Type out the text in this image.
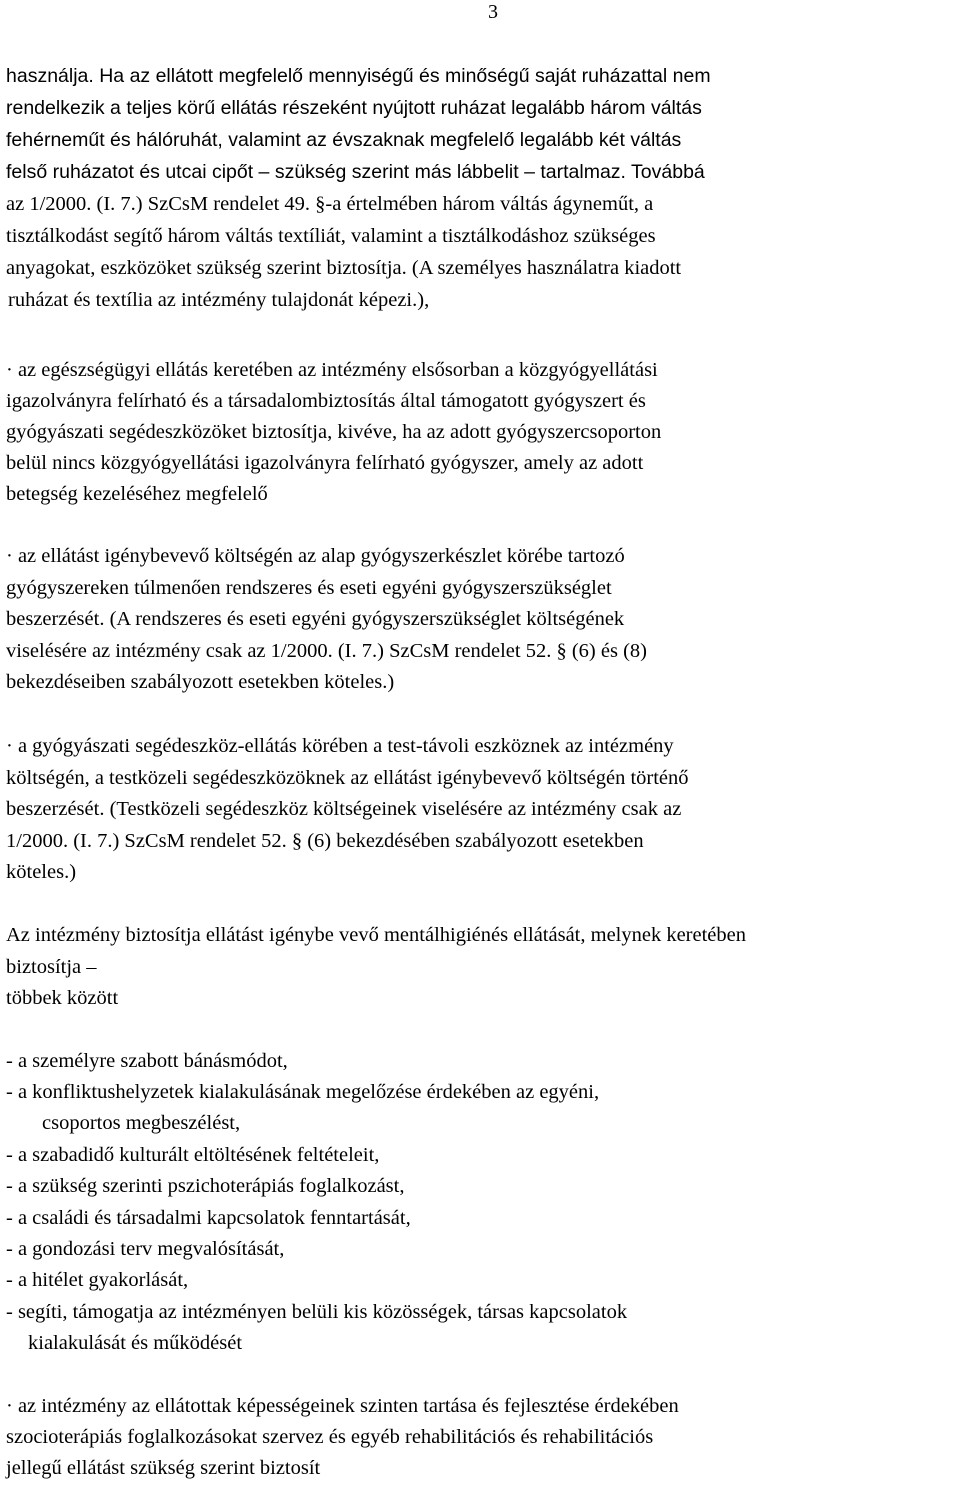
3
használja. Ha az ellátott megfelelő mennyiségű és minőségű saját ruházattal nem
rendelkezik a teljes körű ellátás részeként nyújtott ruházat legalább három váltás
fehérneműt és hálóruhát, valamint az évszaknak megfelelő legalább két váltás
felső ruházatot és utcai cipőt – szükség szerint más lábbelit – tartalmaz. Továbbá
az 1/2000. (I. 7.) SzCsM rendelet 49. §-a értelmében három váltás ágyneműt, a
tisztálkodást segítő három váltás textíliát, valamint a tisztálkodáshoz szükséges
anyagokat, eszközöket szükség szerint biztosítja. (A személyes használatra kiadott
ruházat és textília az intézmény tulajdonát képezi.),
· az egészségügyi ellátás keretében az intézmény elsősorban a közgyógyellátási
igazolványra felírható és a társadalombiztosítás által támogatott gyógyszert és
gyógyászati segédeszközöket biztosítja, kivéve, ha az adott gyógyszercsoporton
belül nincs közgyógyellátási igazolványra felírható gyógyszer, amely az adott
betegség kezeléséhez megfelelő
· az ellátást igénybevevő költségén az alap gyógyszerkészlet körébe tartozó
gyógyszereken túlmenően rendszeres és eseti egyéni gyógyszerszükséglet
beszerzését. (A rendszeres és eseti egyéni gyógyszerszükséglet költségének
viselésére az intézmény csak az 1/2000. (I. 7.) SzCsM rendelet 52. § (6) és (8)
bekezdéseiben szabályozott esetekben köteles.)
· a gyógyászati segédeszköz-ellátás körében a test-távoli eszköznek az intézmény
költségén, a testközeli segédeszközöknek az ellátást igénybevevő költségén történő
beszerzését. (Testközeli segédeszköz költségeinek viselésére az intézmény csak az
1/2000. (I. 7.) SzCsM rendelet 52. § (6) bekezdésében szabályozott esetekben
köteles.)
Az intézmény biztosítja ellátást igénybe vevő mentálhigiénés ellátását, melynek keretében
biztosítja –
többek között
- a személyre szabott bánásmódot,
- a konfliktushelyzetek kialakulásának megelőzése érdekében az egyéni,
csoportos megbeszélést,
- a szabadidő kulturált eltöltésének feltételeit,
- a szükség szerinti pszichoterápiás foglalkozást,
- a családi és társadalmi kapcsolatok fenntartását,
- a gondozási terv megvalósítását,
- a hitélet gyakorlását,
- segíti, támogatja az intézményen belüli kis közösségek, társas kapcsolatok
kialakulását és működését
· az intézmény az ellátottak képességeinek szinten tartása és fejlesztése érdekében
szocioterápiás foglalkozásokat szervez és egyéb rehabilitációs és rehabilitációs
jellegű ellátást szükség szerint biztosít
